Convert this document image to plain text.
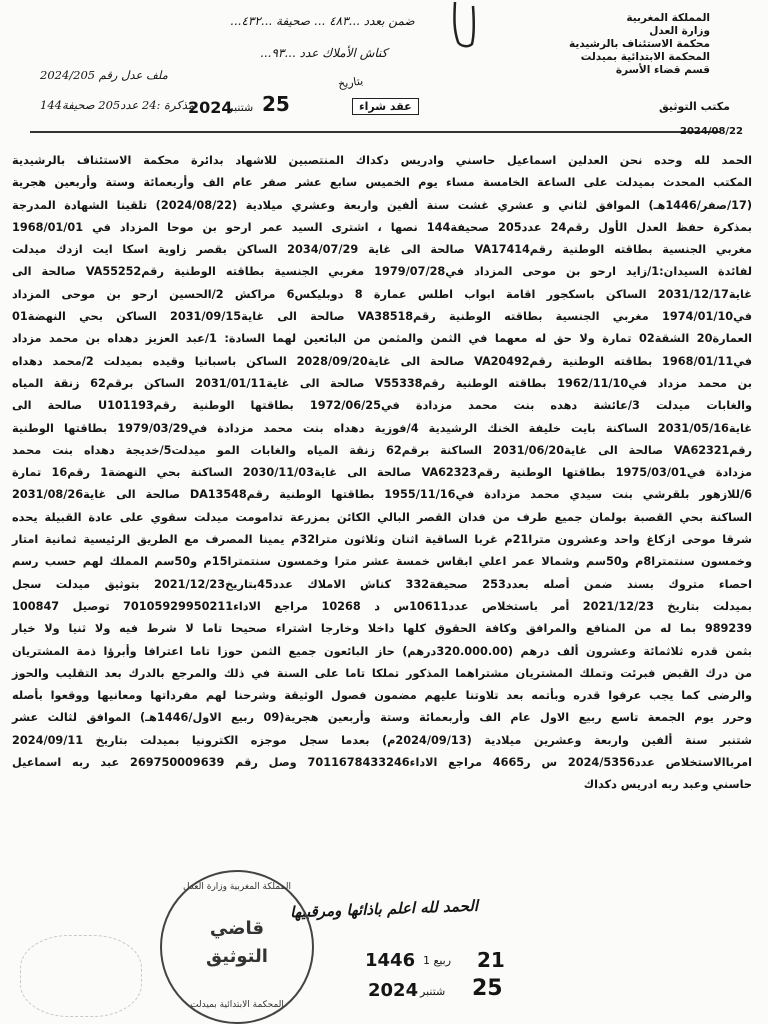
المملكة المغربية
وزارة العدل
محكمة الاستئناف بالرشيدية
المحكمة الابتدائية بميدلت
قسم قضاء الأسرة
مكتب التوثيق
ضمن بعدد ...٤٨٣ ... صحيفة ...٤٣٢...
كناش الأملاك عدد ...٩٣...
ملف عدل رقم 2024/205
مذكرة :24 عدد205 صحيفة144
بتاريخ
25
شتنبر
2024	عقد شراء
2024/08/22

الحمد لله وحده نحن العدلين اسماعيل حاسني وادريس دكداك المنتصبين للاشهاد بدائرة محكمة الاستئناف بالرشيدية

المكتب المحدث بميدلت على الساعة الخامسة مساء يوم الخميس سابع عشر صفر عام الف وأربعمائة وستة وأربعين هجرية

(17/صفر/1446هـ) الموافق لثاني و عشري غشت سنة ألفين واربعة وعشري ميلادية (2024/08/22) تلقينا الشهادة المدرجة

بمذكرة حفظ العدل الأول رقم24 عدد205 صحيفة144 نصها ، اشترى السيد عمر ارحو بن موحا المزداد في 1968/01/01

مغربي الجنسية بطاقته الوطنية رقمVA17414 صالحة الى غاية 2034/07/29 الساكن بقصر زاوية اسكا ايت ازدك ميدلت

لفائدة السيدان:1/زايد ارحو بن موحى المزداد في1979/07/28 مغربي الجنسية بطاقته الوطنية رقمVA55252 صالحة الى

غاية2031/12/17 الساكن باسكجور اقامة ابواب اطلس عمارة 8 دوبليكس6 مراكش 2/الحسين ارحو بن موحى المزداد

في1974/01/10 مغربي الجنسية بطاقته الوطنية رقمVA38518 صالحة الى غاية2031/09/15 الساكن بحي النهضة01

العمارة20 الشقة02 تمارة ولا حق له معهما في الثمن والمثمن من البائعين لهما السادة: 1/عبد العزيز دهداه بن محمد مزداد

في1968/01/11 بطاقته الوطنية رقمVA20492 صالحة الى غاية2028/09/20 الساكن باسبانيا وقيده بميدلت 2/محمد دهداه

بن محمد مزداد في1962/11/10 بطاقته الوطنية رقمV55338 صالحة الى غاية2031/01/11 الساكن برقم62 زنقة المياه

والغابات ميدلت 3/عائشة دهده بنت محمد مزدادة في1972/06/25 بطاقتها الوطنية رقمU101193 صالحة الى

غاية2031/05/16 الساكنة بايت خليفة الخنك الرشيدية 4/فوزية دهداه بنت محمد مزدادة في1979/03/29 بطاقتها الوطنية

رقمVA62321 صالحة الى غاية2031/06/20 الساكنة برقم62 زنقة المياه والغابات المو ميدلت5/خديجة دهداه بنت محمد

مزدادة في1975/03/01 بطاقتها الوطنية رقمVA62323 صالحة الى غاية2030/11/03 الساكنة بحي النهضة1 رقم16 تمارة

6/للازهور بلقرشي بنت سيدي محمد مزدادة في1955/11/16 بطاقتها الوطنية رقمDA13548 صالحة الى غاية2031/08/26

الساكنة بحي القصبة بولمان جميع طرف من فدان القصر البالي الكائن بمزرعة تدامومت ميدلت سقوي على عادة القبيلة يحده

شرقا موحى ازكاغ واحد وعشرون مترا21م غربا الساقية اثنان وثلاثون مترا32م يمينا المصرف مع الطريق الرئيسية ثمانية امتار

وخمسون سنتمترا8م و50سم وشمالا عمر اعلي ابقاس خمسة عشر مترا وخمسون سنتمترا15م و50سم المملك لهم حسب رسم

احصاء متروك بسند ضمن أصله بعدد253 صحيفة332 كناش الاملاك عدد45بتاريخ2021/12/23 بتوثيق ميدلت سجل

بميدلت بتاريخ 2021/12/23 أمر باستخلاص عدد10611س د 10268 مراجع الاداء70105929950211 توصيل 100847

989239 بما له من المنافع والمرافق وكافة الحقوق كلها داخلا وخارجا اشتراء صحيحا تاما لا شرط فيه ولا ثنيا ولا خيار

بثمن قدره ثلاثمائة وعشرون ألف درهم (320.000.00درهم) حاز البائعون جميع الثمن حوزا تاما اعترافا وأبرؤا ذمة المشتريان

من درك القبض فبرئت وتملك المشتريان مشتراهما المذكور تملكا تاما على السنة في ذلك والمرجع بالدرك بعد التقليب والحوز

والرضى كما يجب عرفوا قدره وبأتمه بعد تلاوتنا عليهم مضمون فصول الوثيقة وشرحنا لهم مفرداتها ومعانيها ووقعوا بأصله

وحرر يوم الجمعة تاسع ربيع الاول عام الف وأربعمائة وستة وأربعين هجرية(09 ربيع الاول/1446هـ) الموافق لثالث عشر

شتنبر سنة ألفين واربعة وعشرين ميلادية (2024/09/13م) بعدما سجل موجزه الكترونيا بميدلت بتاريخ 2024/09/11

امرباالاستخلاص عدد2024/5356 س ر4665 مراجع الاداء7011678433246 وصل رقم 269750009639 عبد ربه اسماعيل

حاسني وعبد ربه ادريس دكداك

الحمد لله اعلم باذائها ومرقبيها
المملكة المغربية وزارة العدل
قاضي
التوثيق
المحكمة الابتدائية بميدلت
1446 ربيع 1 21
2024 شتنبر 25
